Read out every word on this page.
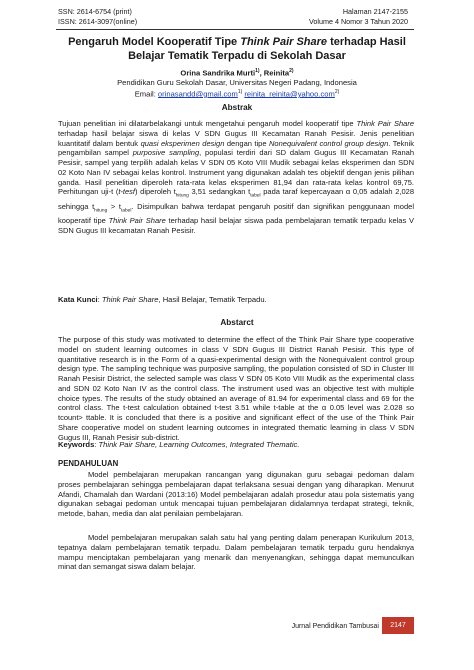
SSN: 2614-6754 (print)
ISSN: 2614-3097(online)
Halaman 2147-2155
Volume 4 Nomor 3 Tahun 2020
Pengaruh Model Kooperatif Tipe Think Pair Share terhadap Hasil
Belajar Tematik Terpadu di Sekolah Dasar
Orina Sandrika Murti$^{1)}$, Reinita$^{2)}$
Pendidikan Guru Sekolah Dasar, Universitas Negeri Padang, Indonesia
Email: orinasandd@gmail.com$^{1)}$ reinita_reinita@yahoo.com$^{2)}$
Abstrak
Tujuan penelitian ini dilatarbelakangi untuk mengetahui pengaruh model kooperatif tipe Think Pair Share terhadap hasil belajar siswa di kelas V SDN Gugus III Kecamatan Ranah Pesisir. Jenis penelitian kuantitatif dalam bentuk quasi eksperimen design dengan tipe Nonequivalent control group design. Teknik pengambilan sampel purposive sampling, populasi terdiri dari SD dalam Gugus III Kecamatan Ranah Pesisir, sampel yang terpilih adalah kelas V SDN 05 Koto VIII Mudik sebagai kelas eksperimen dan SDN 02 Koto Nan IV sebagai kelas kontrol. Instrument yang digunakan adalah tes objektif dengan jenis pilihan ganda. Hasil penelitian diperoleh rata-rata kelas eksperimen 81,94 dan rata-rata kelas kontrol 69,75. Perhitungan uji-t (t-tesf) diperoleh $t_{hitung}$ 3,51 sedangkan $t_{tabel}$ pada taraf kepercayaan α 0,05 adalah 2,028 sehingga $t_{hitung} > t_{tabel}$. Disimpulkan bahwa terdapat pengaruh positif dan signifikan penggunaan model kooperatif tipe Think Pair Share terhadap hasil belajar siswa pada pembelajaran tematik terpadu kelas V SDN Gugus III kecamatan Ranah Pesisir.
Kata Kunci: Think Pair Share, Hasil Belajar, Tematik Terpadu.
Abstarct
The purpose of this study was motivated to determine the effect of the Think Pair Share type cooperative model on student learning outcomes in class V SDN Gugus III District Ranah Pesisir. This type of quantitative research is in the Form of a quasi-experimental design with the Nonequivalent control group design type. The sampling technique was purposive sampling, the population consisted of SD in Cluster III Ranah Pesisir District, the selected sample was class V SDN 05 Koto VIII Mudik as the experimental class and SDN 02 Koto Nan IV as the control class. The instrument used was an objective test with multiple choice types. The results of the study obtained an average of 81.94 for experimental class and 69 for the control class. The t-test calculation obtained t-test 3.51 while t-table at the α 0.05 level was 2.028 so tcount> ttable. It is concluded that there is a positive and significant effect of the use of the Think Pair Share cooperative model on student learning outcomes in integrated thematic learning in class V SDN Gugus III, Ranah Pesisir sub-district.
Keywords: Think Pair Share, Learning Outcomes, Integrated Thematic.
PENDAHULUAN
Model pembelajaran merupakan rancangan yang digunakan guru sebagai pedoman dalam proses pembelajaran sehingga pembelajaran dapat terlaksana sesuai dengan yang diharapkan. Menurut Afandi, Chamalah dan Wardani (2013:16) Model pembelajaran adalah prosedur atau pola sistematis yang digunakan sebagai pedoman untuk mencapai tujuan pembelajaran didalamnya terdapat strategi, teknik, metode, bahan, media dan alat penilaian pembelajaran.
Model pembelajaran merupakan salah satu hal yang penting dalam penerapan Kurikulum 2013, tepatnya dalam pembelajaran tematik terpadu. Dalam pembelajaran tematik terpadu guru hendaknya mampu menciptakan pembelajaran yang menarik dan menyenangkan, sehingga dapat memunculkan minat dan semangat siswa dalam belajar.
Jurnal Pendidikan Tambusai	2147
